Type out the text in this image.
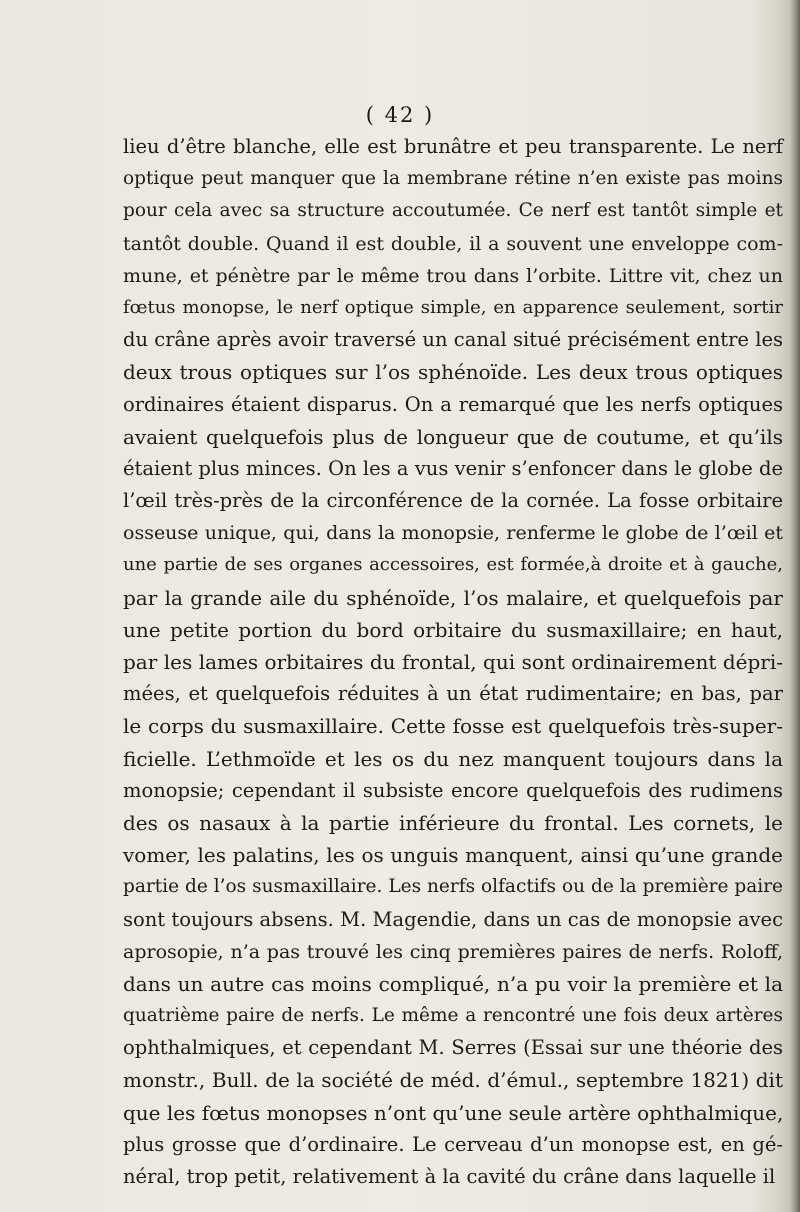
( 42 )
lieu d’être blanche, elle est brunâtre et peu transparente. Le nerf
optique peut manquer que la membrane rétine n’en existe pas moins
pour cela avec sa structure accoutumée. Ce nerf est tantôt simple et
tantôt double. Quand il est double, il a souvent une enveloppe com-
mune, et pénètre par le même trou dans l’orbite. Littre vit, chez un
fœtus monopse, le nerf optique simple, en apparence seulement, sortir
du crâne après avoir traversé un canal situé précisément entre les
deux trous optiques sur l’os sphénoïde. Les deux trous optiques
ordinaires étaient disparus. On a remarqué que les nerfs optiques
avaient quelquefois plus de longueur que de coutume, et qu’ils
étaient plus minces. On les a vus venir s’enfoncer dans le globe de
l’œil très-près de la circonférence de la cornée. La fosse orbitaire
osseuse unique, qui, dans la monopsie, renferme le globe de l’œil et
une partie de ses organes accessoires, est formée,à droite et à gauche,
par la grande aile du sphénoïde, l’os malaire, et quelquefois par
une petite portion du bord orbitaire du susmaxillaire; en haut,
par les lames orbitaires du frontal, qui sont ordinairement dépri-
mées, et quelquefois réduites à un état rudimentaire; en bas, par
le corps du susmaxillaire. Cette fosse est quelquefois très-super-
ficielle. L’ethmoïde et les os du nez manquent toujours dans la
monopsie; cependant il subsiste encore quelquefois des rudimens
des os nasaux à la partie inférieure du frontal. Les cornets, le
vomer, les palatins, les os unguis manquent, ainsi qu’une grande
partie de l’os susmaxillaire. Les nerfs olfactifs ou de la première paire
sont toujours absens. M. Magendie, dans un cas de monopsie avec
aprosopie, n’a pas trouvé les cinq premières paires de nerfs. Roloff,
dans un autre cas moins compliqué, n’a pu voir la première et la
quatrième paire de nerfs. Le même a rencontré une fois deux artères
ophthalmiques, et cependant M. Serres (Essai sur une théorie des
monstr., Bull. de la société de méd. d’émul., septembre 1821) dit
que les fœtus monopses n’ont qu’une seule artère ophthalmique,
plus grosse que d’ordinaire. Le cerveau d’un monopse est, en gé-
néral, trop petit, relativement à la cavité du crâne dans laquelle il
